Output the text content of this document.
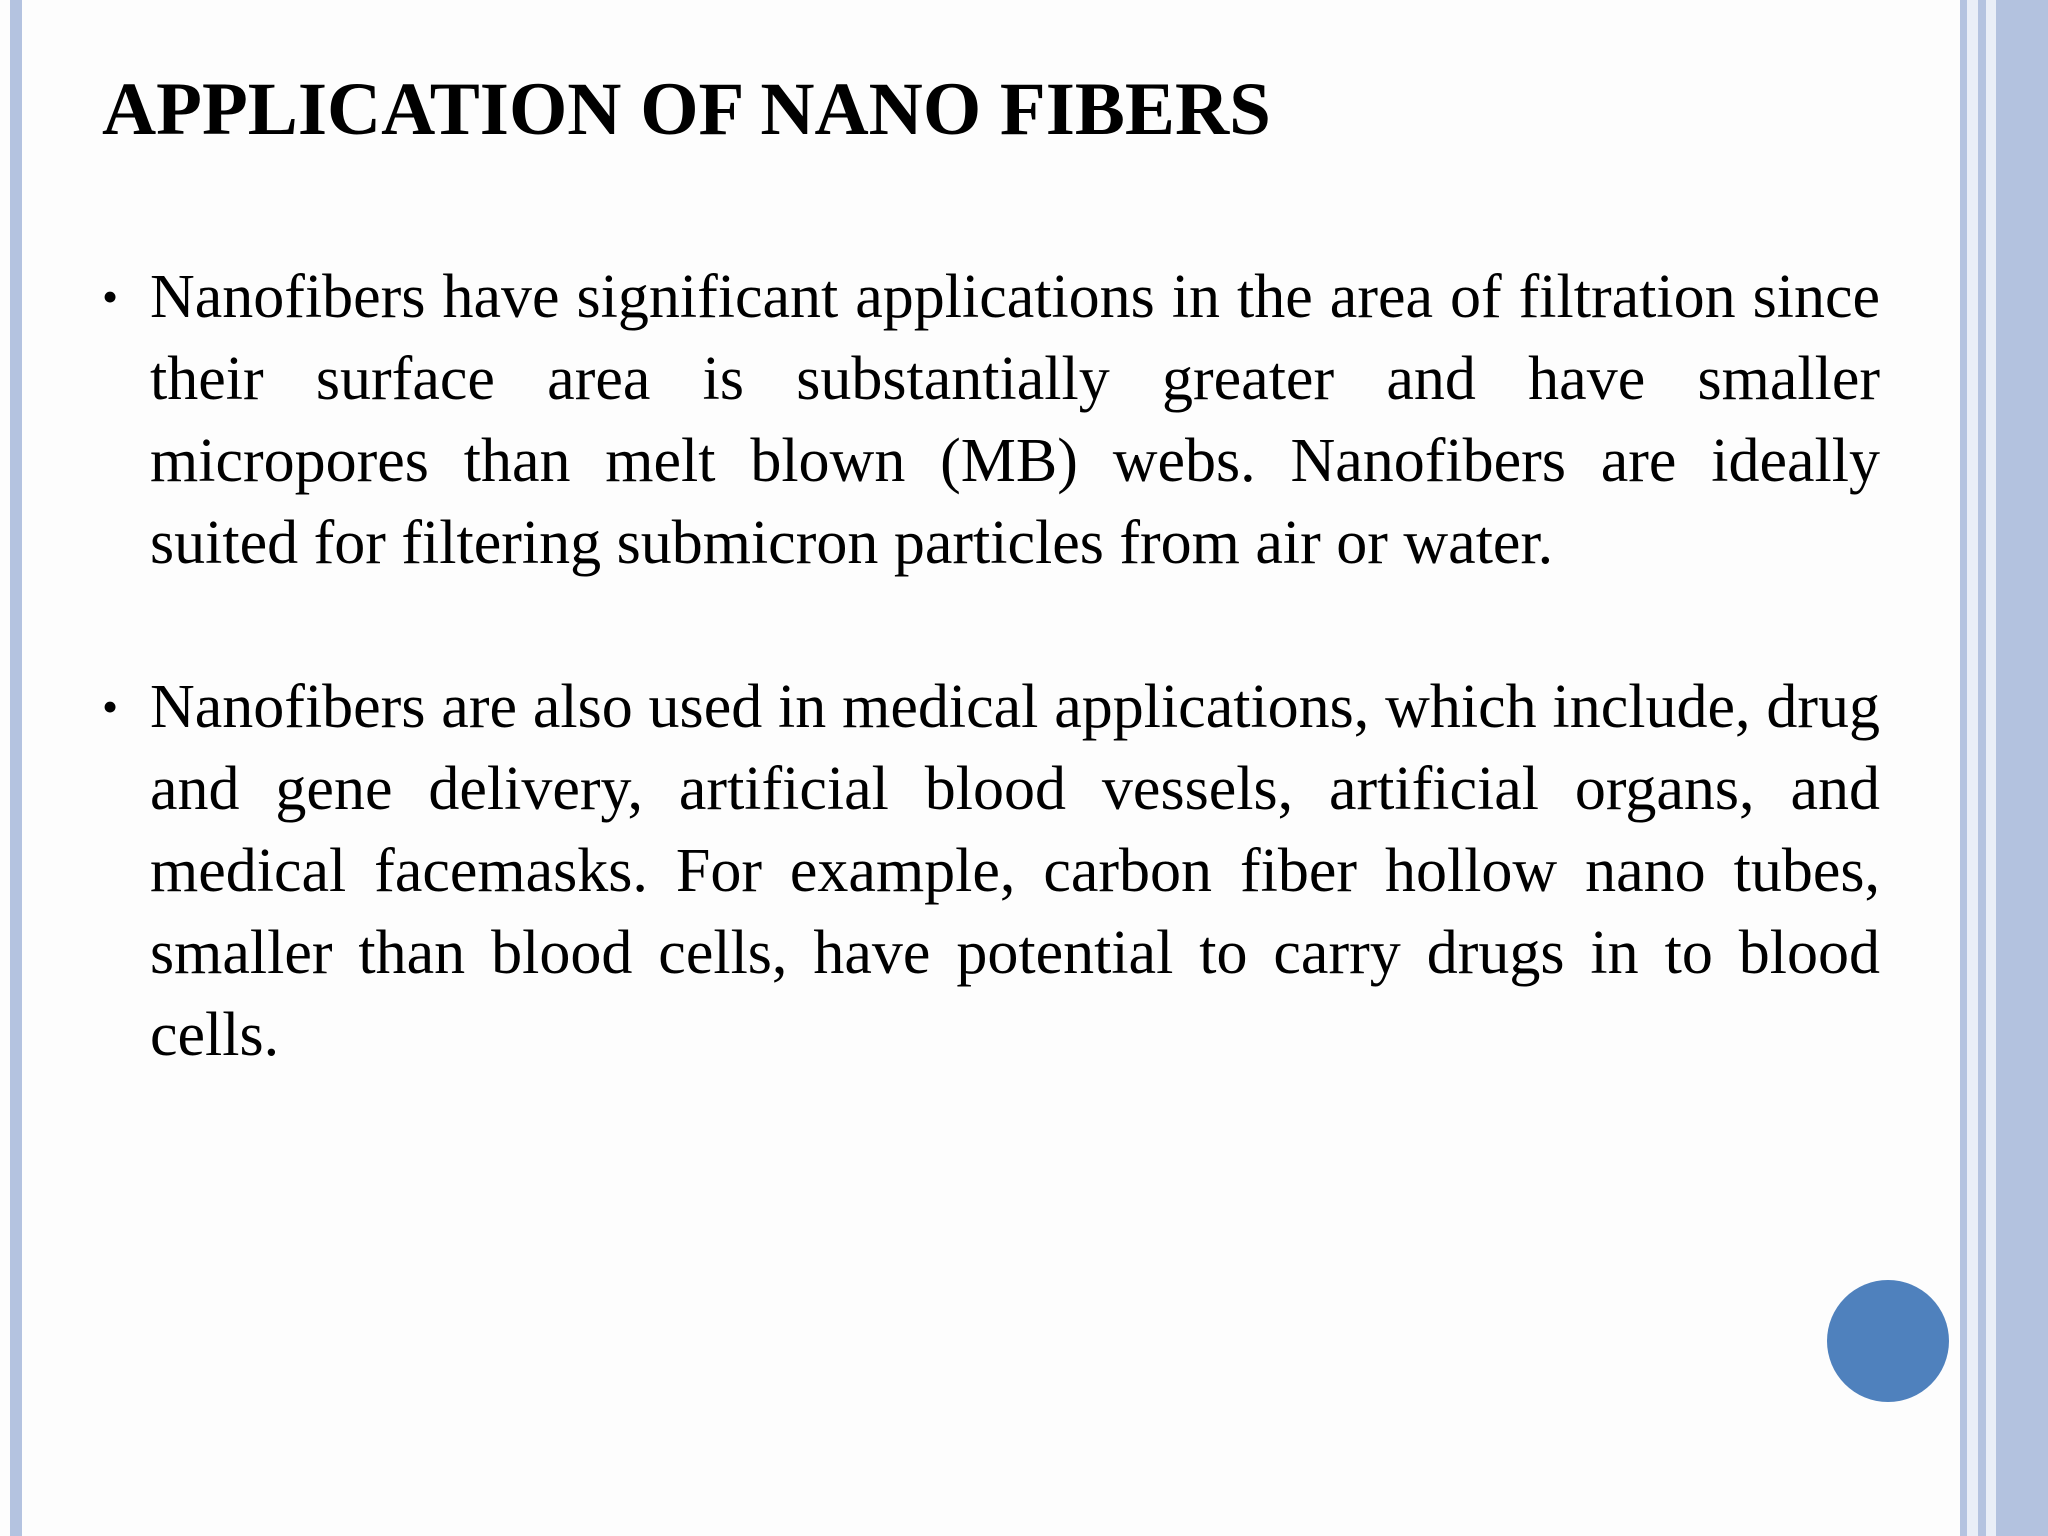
APPLICATION OF NANO FIBERS
• Nanofibers have significant applications in the area of filtration since their surface area is substantially greater and have smaller micropores than melt blown (MB) webs. Nanofibers are ideally suited for filtering submicron particles from air or water.
• Nanofibers are also used in medical applications, which include, drug and gene delivery, artificial blood vessels, artificial organs, and medical facemasks. For example, carbon fiber hollow nano tubes, smaller than blood cells, have potential to carry drugs in to blood cells.
